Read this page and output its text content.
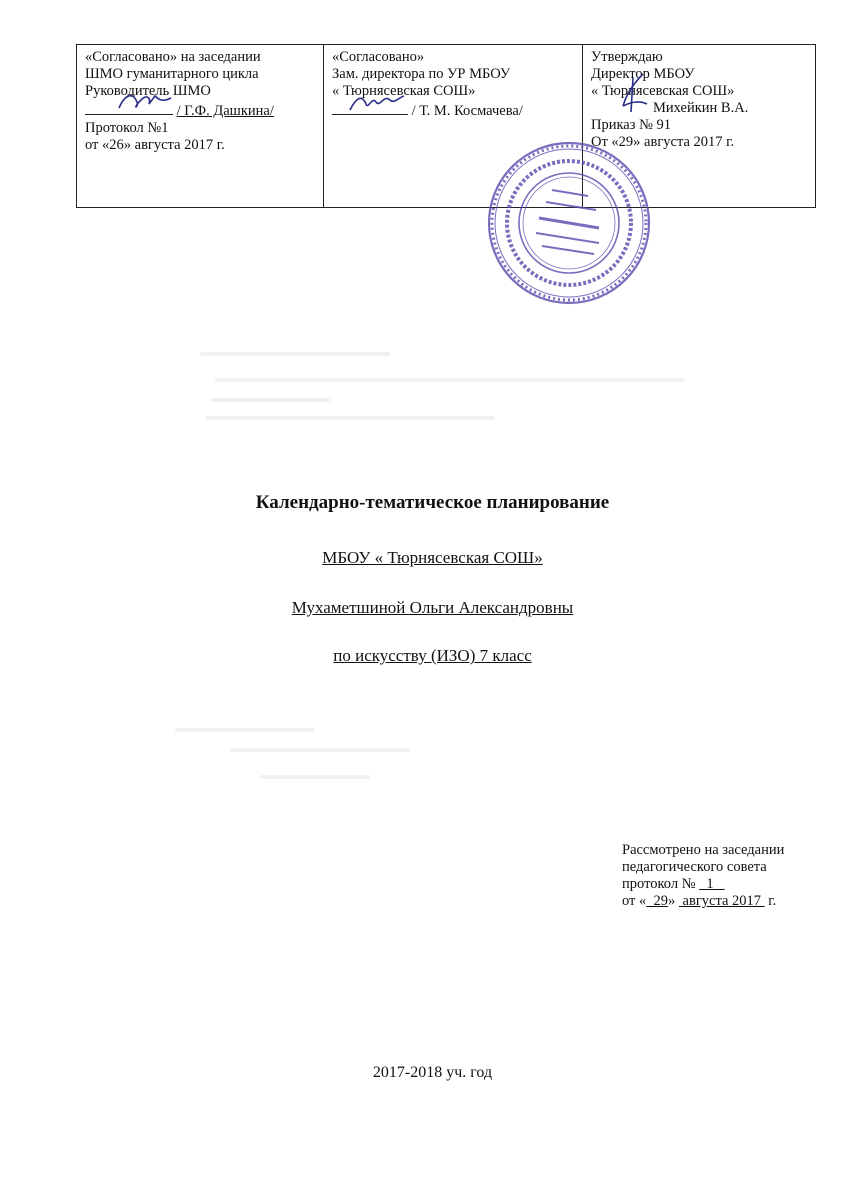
«Согласовано» на заседании
ШМО гуманитарного цикла
Руководитель ШМО
/ Г.Ф. Дашкина/
Протокол №1
от «26» августа 2017 г.

«Согласовано»
Зам. директора по УР МБОУ
« Тюрнясевская СОШ»
/ Т. М. Космачева/

Утверждаю
Директор МБОУ
« Тюрнясевская СОШ»
Михейкин В.А.
Приказ № 91
От «29» августа 2017 г.
Календарно-тематическое планирование
МБОУ « Тюрнясевская СОШ»
Мухаметшиной Ольги Александровны
по искусству (ИЗО) 7 класс
Рассмотрено на заседании
педагогического совета
протокол №   1
от « 29»  августа 2017  г.
2017-2018 уч. год
